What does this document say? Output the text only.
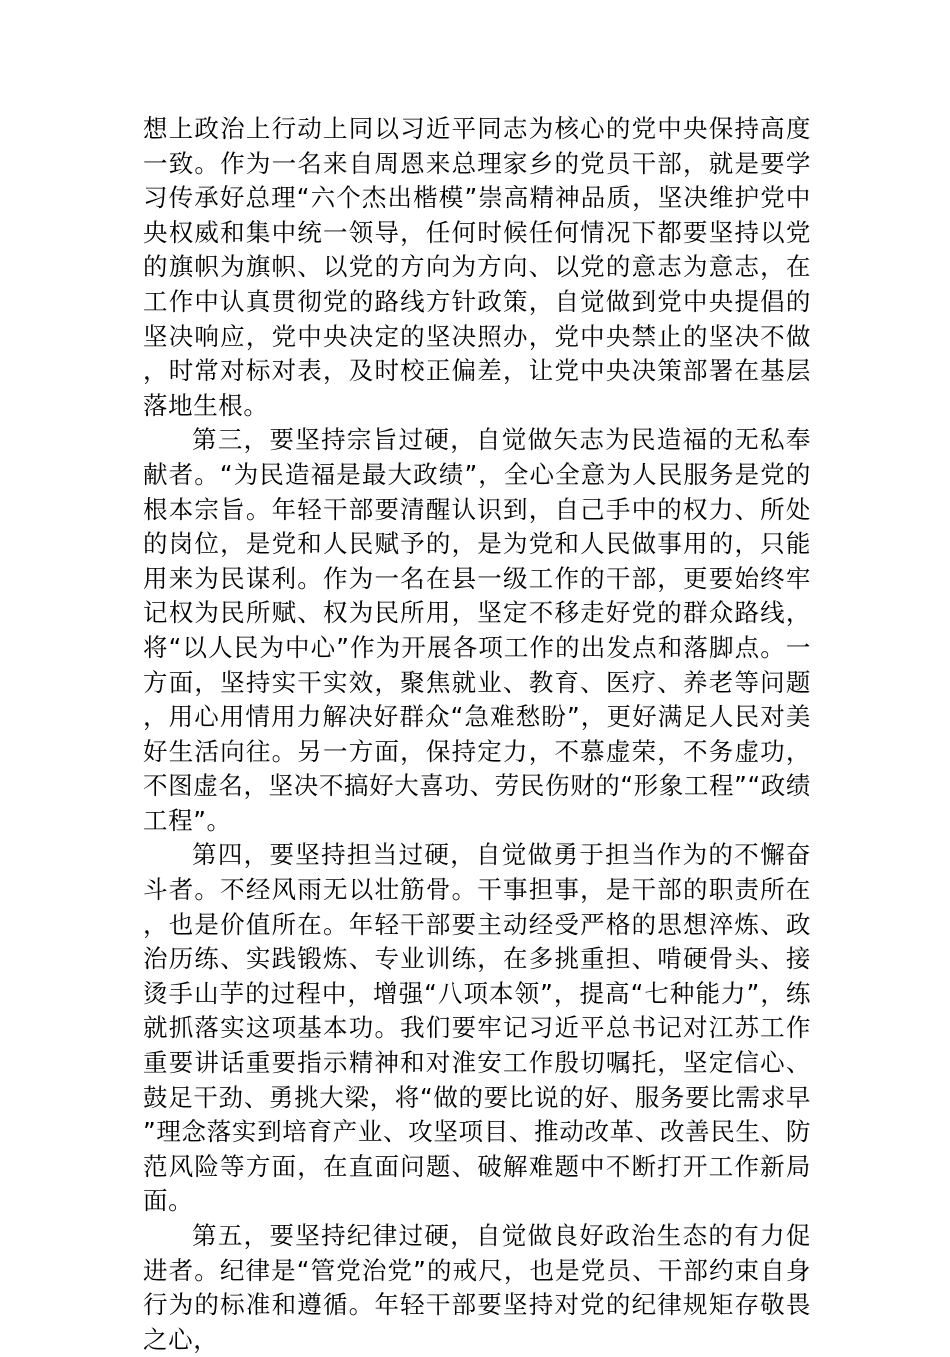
想上政治上行动上同以习近平同志为核心的党中央保持高度一致。作为一名来自周恩来总理家乡的党员干部，就是要学习传承好总理“六个杰出楷模”崇高精神品质，坚决维护党中央权威和集中统一领导，任何时候任何情况下都要坚持以党的旗帜为旗帜、以党的方向为方向、以党的意志为意志，在工作中认真贯彻党的路线方针政策，自觉做到党中央提倡的坚决响应，党中央决定的坚决照办，党中央禁止的坚决不做，时常对标对表，及时校正偏差，让党中央决策部署在基层落地生根。

第三，要坚持宗旨过硬，自觉做矢志为民造福的无私奉献者。“为民造福是最大政绩”，全心全意为人民服务是党的根本宗旨。年轻干部要清醒认识到，自己手中的权力、所处的岗位，是党和人民赋予的，是为党和人民做事用的，只能用来为民谋利。作为一名在县一级工作的干部，更要始终牢记权为民所赋、权为民所用，坚定不移走好党的群众路线，将“以人民为中心”作为开展各项工作的出发点和落脚点。一方面，坚持实干实效，聚焦就业、教育、医疗、养老等问题，用心用情用力解决好群众“急难愁盼”，更好满足人民对美好生活向往。另一方面，保持定力，不慕虚荣，不务虚功，不图虚名，坚决不搞好大喜功、劳民伤财的“形象工程”“政绩工程”。

第四，要坚持担当过硬，自觉做勇于担当作为的不懈奋斗者。不经风雨无以壮筋骨。干事担事，是干部的职责所在，也是价值所在。年轻干部要主动经受严格的思想淬炼、政治历练、实践锻炼、专业训练，在多挑重担、啃硬骨头、接烫手山芋的过程中，增强“八项本领”，提高“七种能力”，练就抓落实这项基本功。我们要牢记习近平总书记对江苏工作重要讲话重要指示精神和对淮安工作殷切嘱托，坚定信心、鼓足干劲、勇挑大梁，将“做的要比说的好、服务要比需求早”理念落实到培育产业、攻坚项目、推动改革、改善民生、防范风险等方面，在直面问题、破解难题中不断打开工作新局面。

第五，要坚持纪律过硬，自觉做良好政治生态的有力促进者。纪律是“管党治党”的戒尺，也是党员、干部约束自身行为的标准和遵循。年轻干部要坚持对党的纪律规矩存敬畏之心，
